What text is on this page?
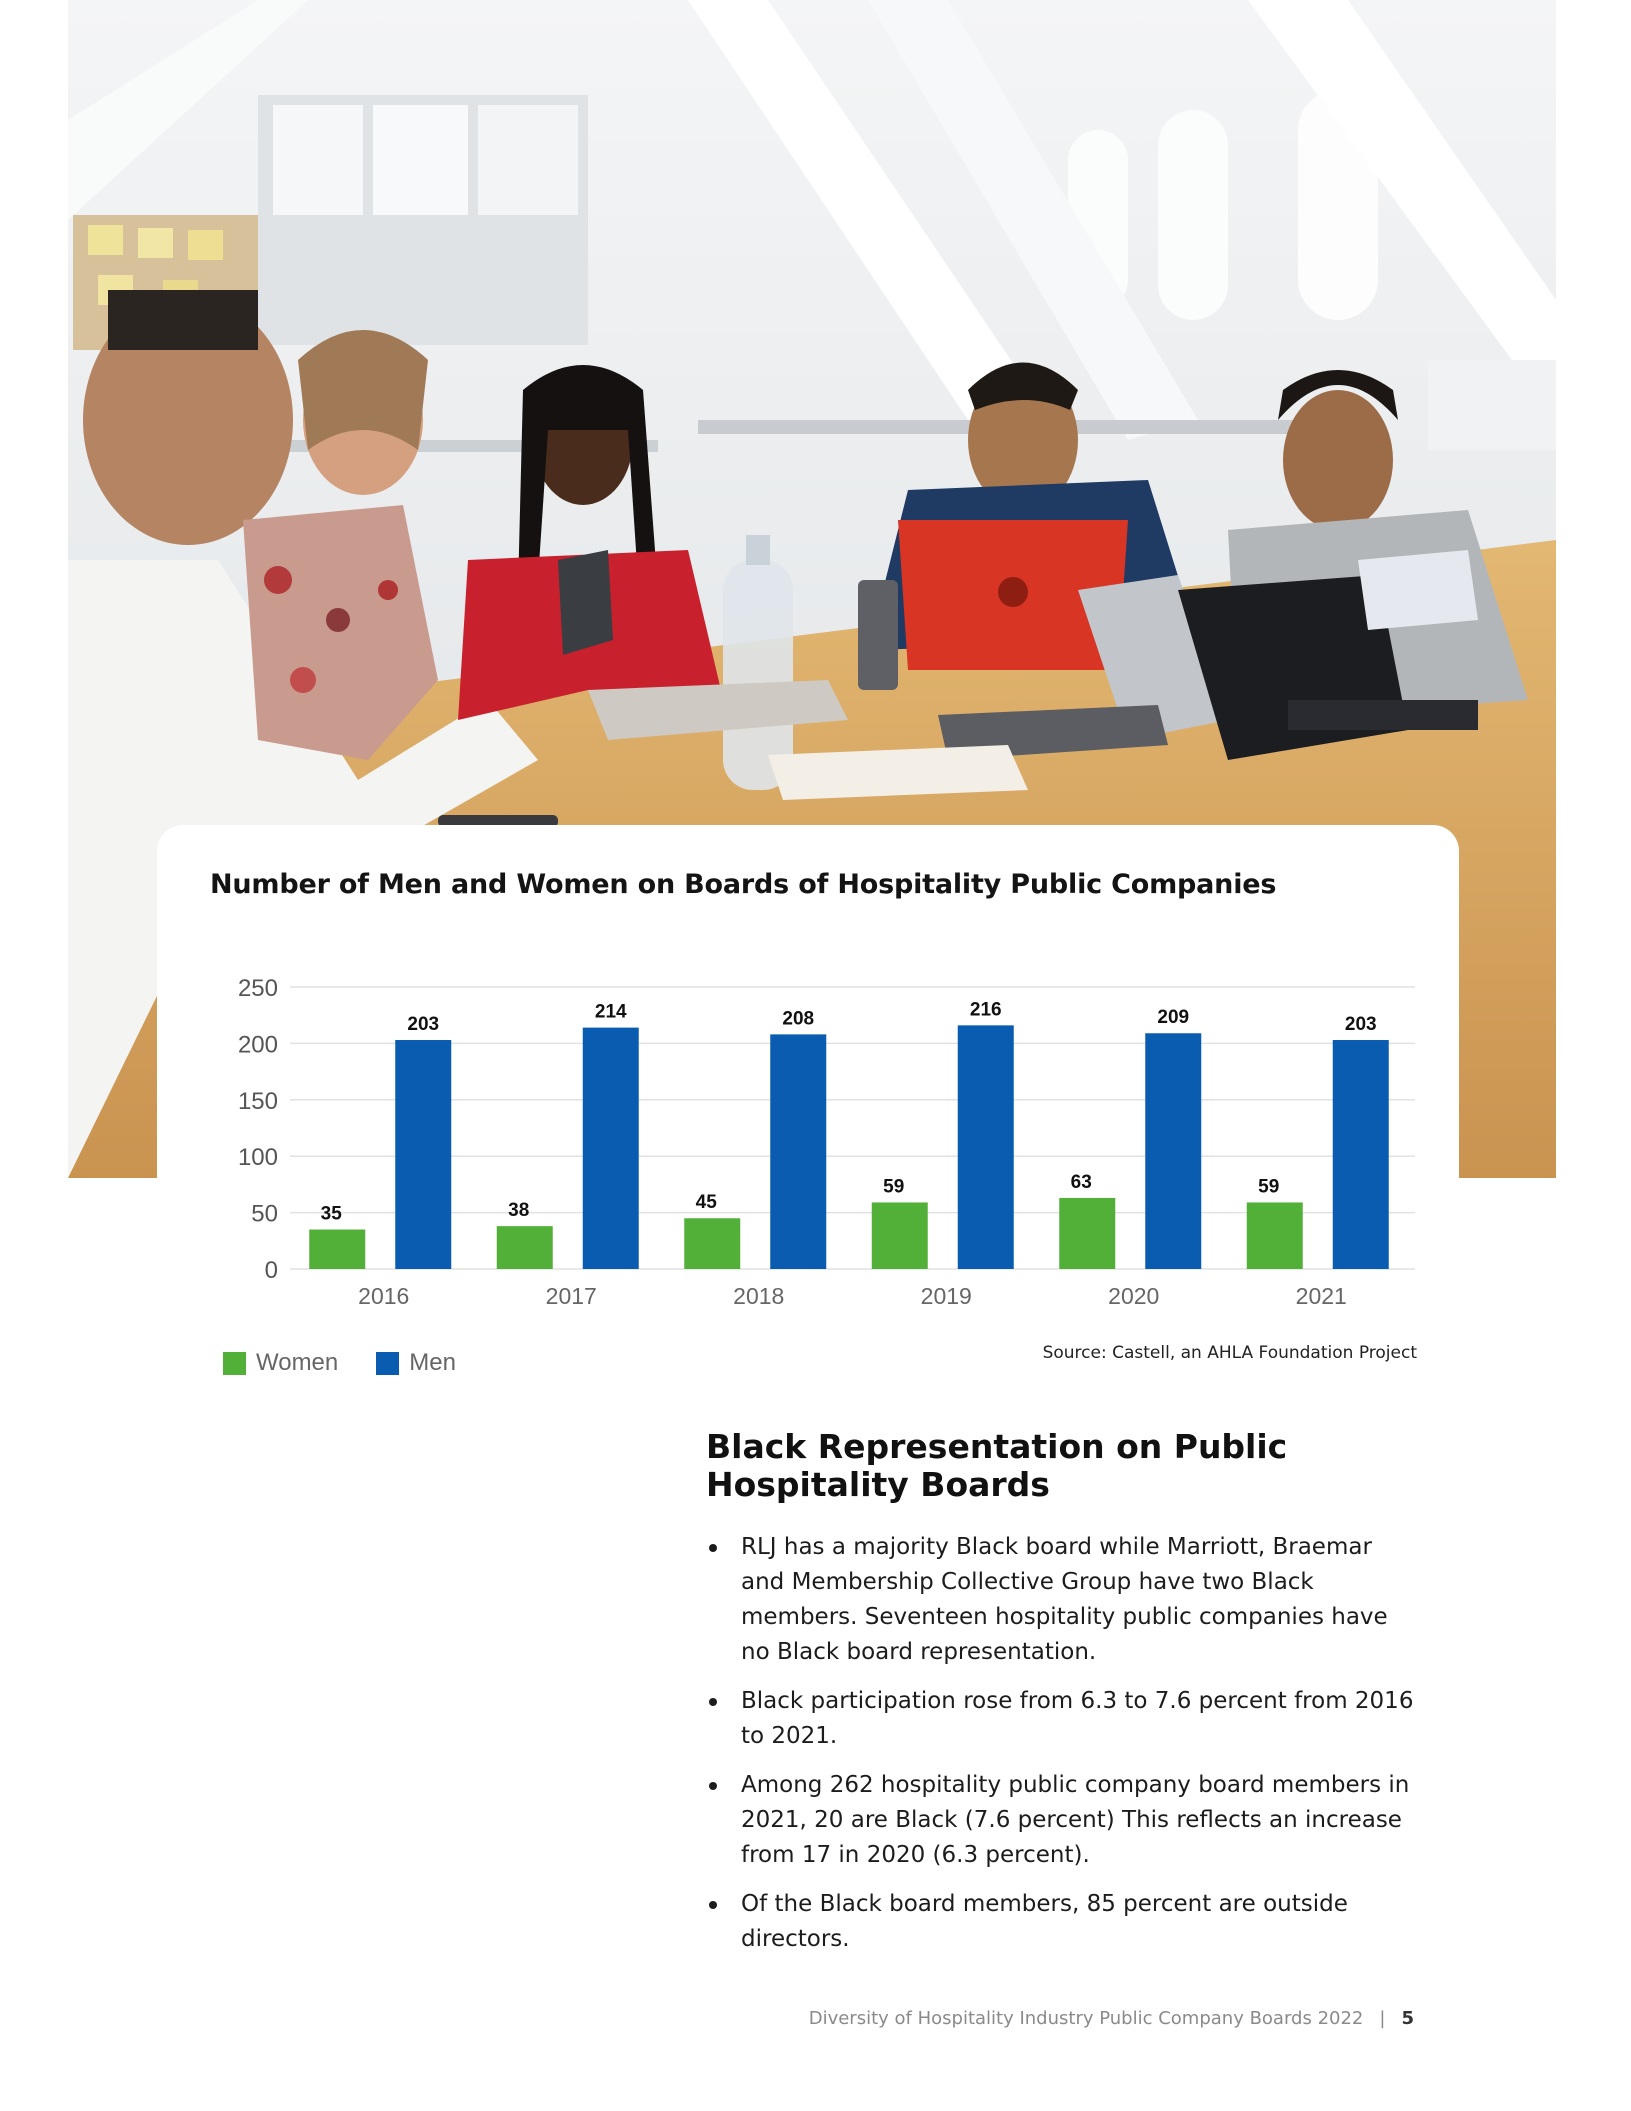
Number of Men and Women on Boards of Hospitality Public Companies
0
50
100
150
200
250
35
203
2016
38
214
2017
45
208
2018
59
216
2019
63
209
2020
59
203
2021
Women	Men	Source: Castell, an AHLA Foundation Project
Black Representation on Public Hospitality Boards
RLJ has a majority Black board while Marriott, Braemar and Membership Collective Group have two Black members. Seventeen hospitality public companies have no Black board representation.
Black participation rose from 6.3 to 7.6 percent from 2016 to 2021.
Among 262 hospitality public company board members in 2021, 20 are Black (7.6 percent) This reflects an increase from 17 in 2020 (6.3 percent).
Of the Black board members, 85 percent are outside directors.
Diversity of Hospitality Industry Public Company Boards 2022 | 5
